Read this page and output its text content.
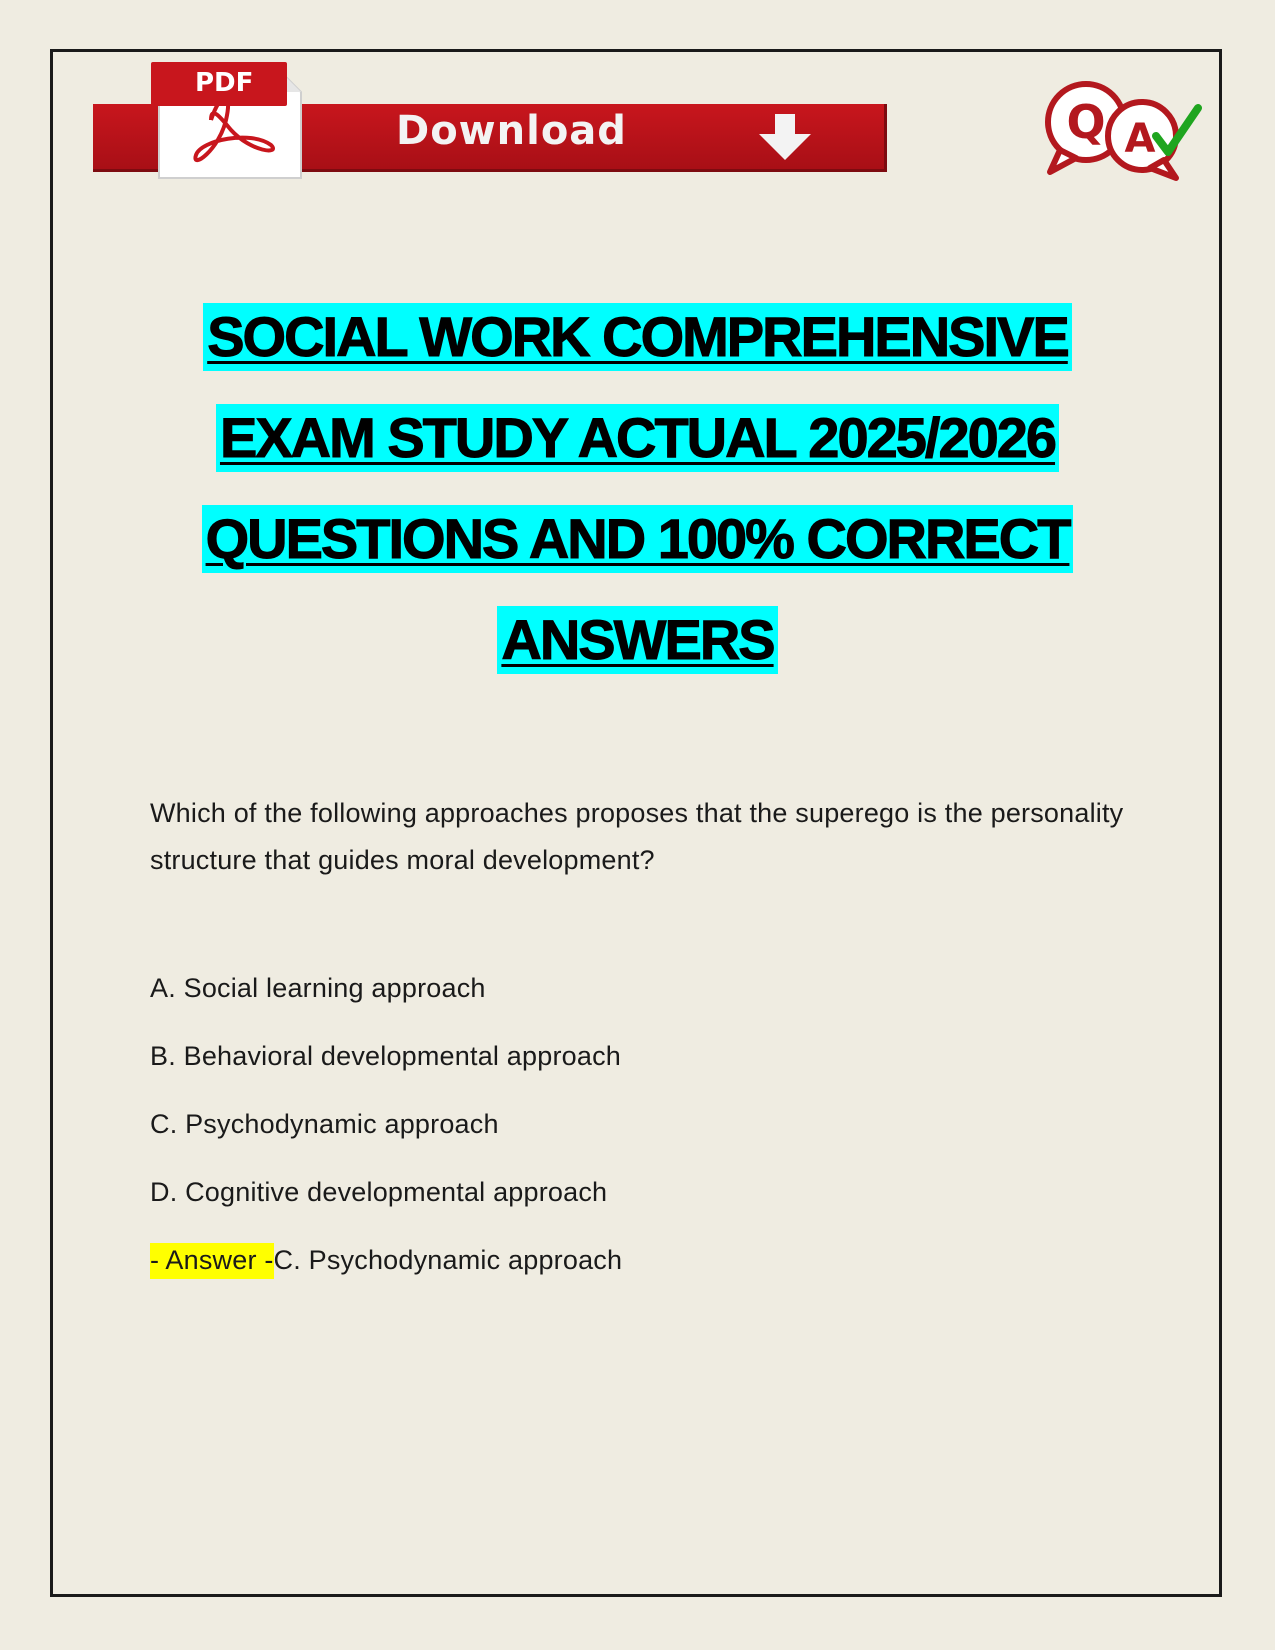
PDF
Download	Q A
SOCIAL WORK COMPREHENSIVE
EXAM STUDY ACTUAL 2025/2026
QUESTIONS AND 100% CORRECT
ANSWERS

Which of the following approaches proposes that the superego is the personality structure that guides moral development?

A. Social learning approach
B. Behavioral developmental approach
C. Psychodynamic approach
D. Cognitive developmental approach
- Answer -C. Psychodynamic approach
